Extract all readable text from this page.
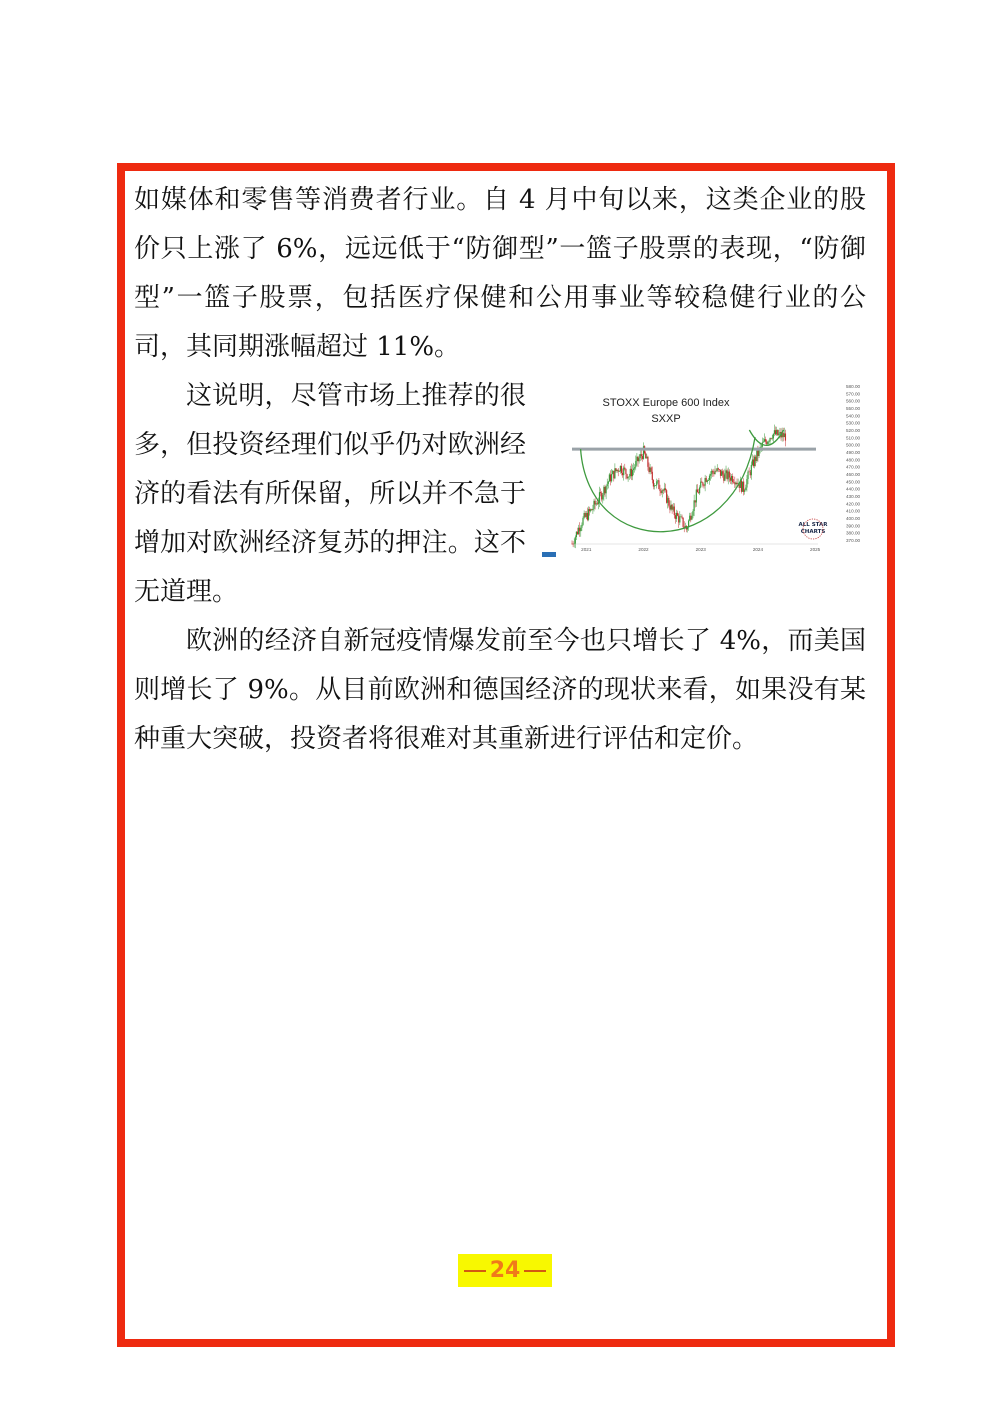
如媒体和零售等消费者行业。自 4 月中旬以来，这类企业的股价只上涨了 6%，远远低于“防御型”一篮子股票的表现，“防御型”一篮子股票，包括医疗保健和公用事业等较稳健行业的公司，其同期涨幅超过 11%。

STOXX Europe 600 Index
SXXP
580.00
570.00
560.00
550.00
540.00
530.00
520.00
510.00
500.00
490.00
480.00
470.00
460.00
450.00
440.00
430.00
420.00
410.00
400.00
390.00
380.00
370.00
2021	2022	2023	2024	2025
ALL STAR
CHARTS

这说明，尽管市场上推荐的很多，但投资经理们似乎仍对欧洲经济的看法有所保留，所以并不急于增加对欧洲经济复苏的押注。这不无道理。

欧洲的经济自新冠疫情爆发前至今也只增长了 4%，而美国则增长了 9%。从目前欧洲和德国经济的现状来看，如果没有某种重大突破，投资者将很难对其重新进行评估和定价。

24
